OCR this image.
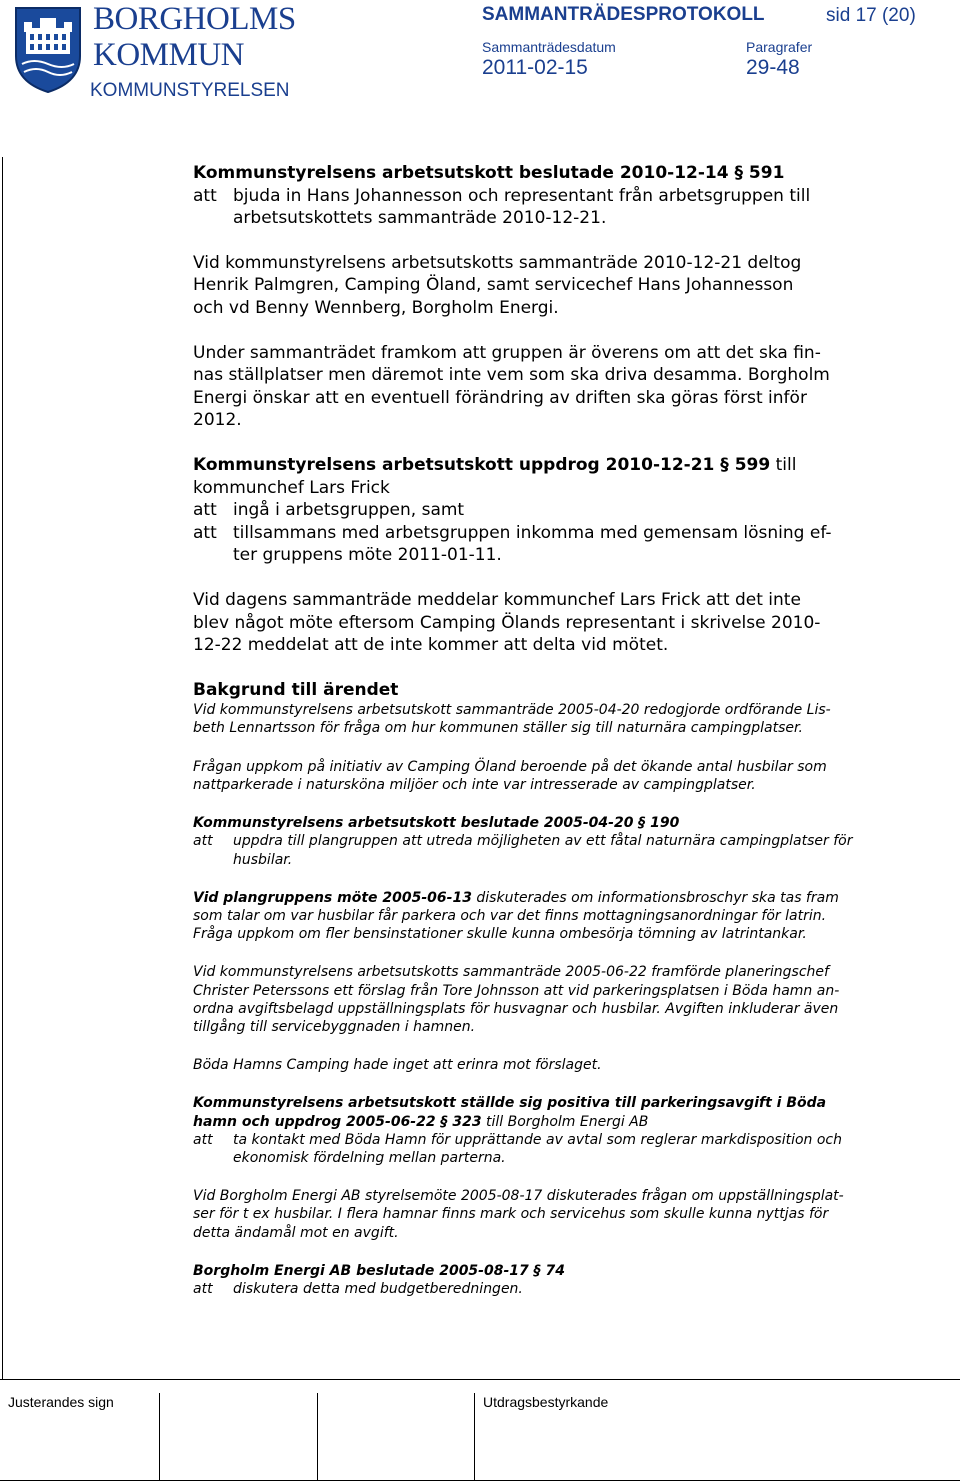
BORGHOLMS
KOMMUN
KOMMUNSTYRELSEN
SAMMANTRÄDESPROTOKOLL	sid 17 (20)
Sammanträdesdatum
2011-02-15
Paragrafer
29-48
Justerandes sign	Utdragsbestyrkande
Kommunstyrelsens arbetsutskott beslutade 2010-12-14 § 591
att bjuda in Hans Johannesson och representant från arbetsgruppen till
arbetsutskottets sammanträde 2010-12-21.
Vid kommunstyrelsens arbetsutskotts sammanträde 2010-12-21 deltog
Henrik Palmgren, Camping Öland, samt servicechef Hans Johannesson
och vd Benny Wennberg, Borgholm Energi.
Under sammanträdet framkom att gruppen är överens om att det ska fin-
nas ställplatser men däremot inte vem som ska driva desamma. Borgholm
Energi önskar att en eventuell förändring av driften ska göras först inför
2012.
Kommunstyrelsens arbetsutskott uppdrog 2010-12-21 § 599 till
kommunchef Lars Frick
att ingå i arbetsgruppen, samt
att tillsammans med arbetsgruppen inkomma med gemensam lösning ef-
ter gruppens möte 2011-01-11.
Vid dagens sammanträde meddelar kommunchef Lars Frick att det inte
blev något möte eftersom Camping Ölands representant i skrivelse 2010-
12-22 meddelat att de inte kommer att delta vid mötet.
Bakgrund till ärendet
Vid kommunstyrelsens arbetsutskott sammanträde 2005-04-20 redogjorde ordförande Lis-
beth Lennartsson för fråga om hur kommunen ställer sig till naturnära campingplatser.
Frågan uppkom på initiativ av Camping Öland beroende på det ökande antal husbilar som
nattparkerade i natursköna miljöer och inte var intresserade av campingplatser.
Kommunstyrelsens arbetsutskott beslutade 2005-04-20 § 190
att	uppdra till plangruppen att utreda möjligheten av ett fåtal naturnära campingplatser för
husbilar.
Vid plangruppens möte 2005-06-13 diskuterades om informationsbroschyr ska tas fram
som talar om var husbilar får parkera och var det finns mottagningsanordningar för latrin.
Fråga uppkom om fler bensinstationer skulle kunna ombesörja tömning av latrintankar.
Vid kommunstyrelsens arbetsutskotts sammanträde 2005-06-22 framförde planeringschef
Christer Peterssons ett förslag från Tore Johnsson att vid parkeringsplatsen i Böda hamn an-
ordna avgiftsbelagd uppställningsplats för husvagnar och husbilar. Avgiften inkluderar även
tillgång till servicebyggnaden i hamnen.
Böda Hamns Camping hade inget att erinra mot förslaget.
Kommunstyrelsens arbetsutskott ställde sig positiva till parkeringsavgift i Böda
hamn och uppdrog 2005-06-22 § 323 till Borgholm Energi AB
att	ta kontakt med Böda Hamn för upprättande av avtal som reglerar markdisposition och
ekonomisk fördelning mellan parterna.
Vid Borgholm Energi AB styrelsemöte 2005-08-17 diskuterades frågan om uppställningsplat-
ser för t ex husbilar. I flera hamnar finns mark och servicehus som skulle kunna nyttjas för
detta ändamål mot en avgift.
Borgholm Energi AB beslutade 2005-08-17 § 74
att	diskutera detta med budgetberedningen.
